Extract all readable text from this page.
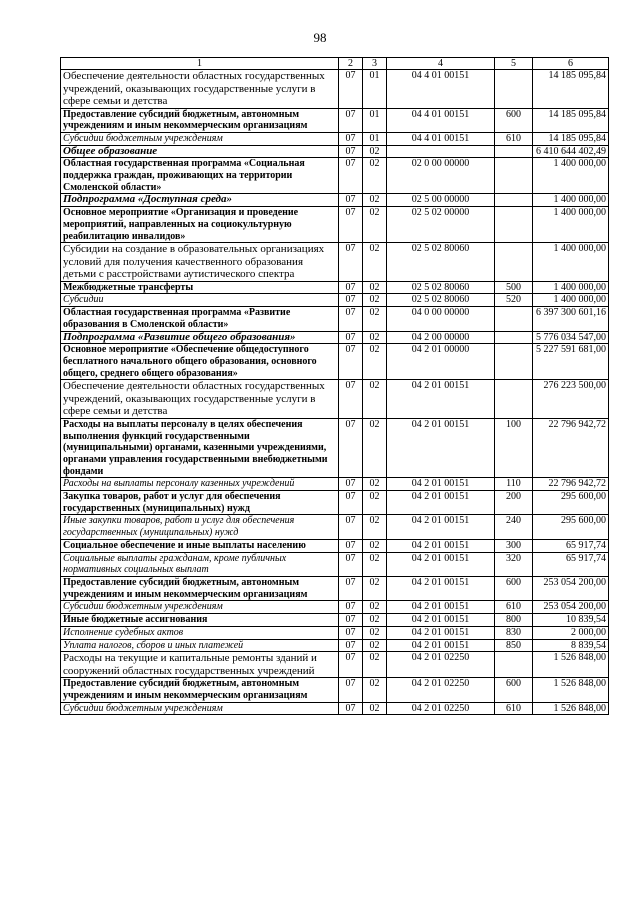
98
1	2	3	4	5	6
Обеспечение деятельности областных государственных учреждений, оказывающих государственные услуги в сфере семьи и детства	07	01	04 4 01 00151		14 185 095,84
Предоставление субсидий бюджетным, автономным учреждениям и иным некоммерческим организациям	07	01	04 4 01 00151	600	14 185 095,84
Субсидии бюджетным учреждениям	07	01	04 4 01 00151	610	14 185 095,84
Общее образование	07	02			6 410 644 402,49
Областная государственная программа «Социальная поддержка граждан, проживающих на территории Смоленской области»	07	02	02 0 00 00000		1 400 000,00
Подпрограмма «Доступная среда»	07	02	02 5 00 00000		1 400 000,00
Основное мероприятие «Организация и проведение мероприятий, направленных на социокультурную реабилитацию инвалидов»	07	02	02 5 02 00000		1 400 000,00
Субсидии на создание в образовательных организациях условий для получения качественного образования детьми с расстройствами аутистического спектра	07	02	02 5 02 80060		1 400 000,00
Межбюджетные трансферты	07	02	02 5 02 80060	500	1 400 000,00
Субсидии	07	02	02 5 02 80060	520	1 400 000,00
Областная государственная программа «Развитие образования в Смоленской области»	07	02	04 0 00 00000		6 397 300 601,16
Подпрограмма «Развитие общего образования»	07	02	04 2 00 00000		5 776 034 547,00
Основное мероприятие «Обеспечение общедоступного бесплатного начального общего образования, основного общего, среднего общего образования»	07	02	04 2 01 00000		5 227 591 681,00
Обеспечение деятельности областных государственных учреждений, оказывающих государственные услуги в сфере семьи и детства	07	02	04 2 01 00151		276 223 500,00
Расходы на выплаты персоналу в целях обеспечения выполнения функций государственными (муниципальными) органами, казенными учреждениями, органами управления государственными внебюджетными фондами	07	02	04 2 01 00151	100	22 796 942,72
Расходы на выплаты персоналу казенных учреждений	07	02	04 2 01 00151	110	22 796 942,72
Закупка товаров, работ и услуг для обеспечения государственных (муниципальных) нужд	07	02	04 2 01 00151	200	295 600,00
Иные закупки товаров, работ и услуг для обеспечения государственных (муниципальных) нужд	07	02	04 2 01 00151	240	295 600,00
Социальное обеспечение и иные выплаты населению	07	02	04 2 01 00151	300	65 917,74
Социальные выплаты гражданам, кроме публичных нормативных социальных выплат	07	02	04 2 01 00151	320	65 917,74
Предоставление субсидий бюджетным, автономным учреждениям и иным некоммерческим организациям	07	02	04 2 01 00151	600	253 054 200,00
Субсидии бюджетным учреждениям	07	02	04 2 01 00151	610	253 054 200,00
Иные бюджетные ассигнования	07	02	04 2 01 00151	800	10 839,54
Исполнение судебных актов	07	02	04 2 01 00151	830	2 000,00
Уплата налогов, сборов и иных платежей	07	02	04 2 01 00151	850	8 839,54
Расходы на текущие и капитальные ремонты зданий и сооружений областных государственных учреждений	07	02	04 2 01 02250		1 526 848,00
Предоставление субсидий бюджетным, автономным учреждениям и иным некоммерческим организациям	07	02	04 2 01 02250	600	1 526 848,00
Субсидии бюджетным учреждениям	07	02	04 2 01 02250	610	1 526 848,00
